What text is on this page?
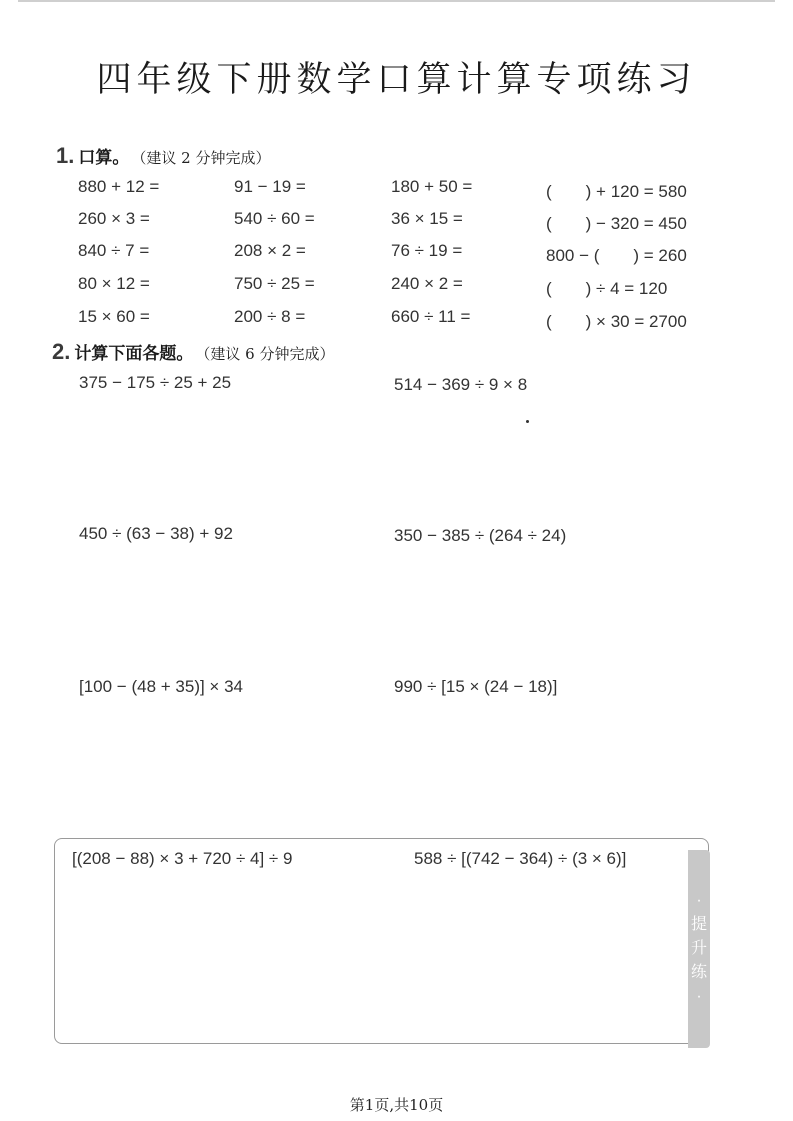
四年级下册数学口算计算专项练习
1. 口算。 （建议 2 分钟完成）
880 + 12 =	91 − 19 =	180 + 50 =	(　　) + 120 = 580
260 × 3 =	540 ÷ 60 =	36 × 15 =	(　　) − 320 = 450
840 ÷ 7 =	208 × 2 =	76 ÷ 19 =	800 − (　　) = 260
80 × 12 =	750 ÷ 25 =	240 × 2 =	(　　) ÷ 4 = 120
15 × 60 =	200 ÷ 8 =	660 ÷ 11 =	(　　) × 30 = 2700
2. 计算下面各题。 （建议 6 分钟完成）
375 − 175 ÷ 25 + 25	514 − 369 ÷ 9 × 8
450 ÷ (63 − 38) + 92	350 − 385 ÷ (264 ÷ 24)
[100 − (48 + 35)] × 34	990 ÷ [15 × (24 − 18)]
[(208 − 88) × 3 + 720 ÷ 4] ÷ 9	588 ÷ [(742 − 364) ÷ (3 × 6)]
·
提
升
练
·
第1页,共10页
